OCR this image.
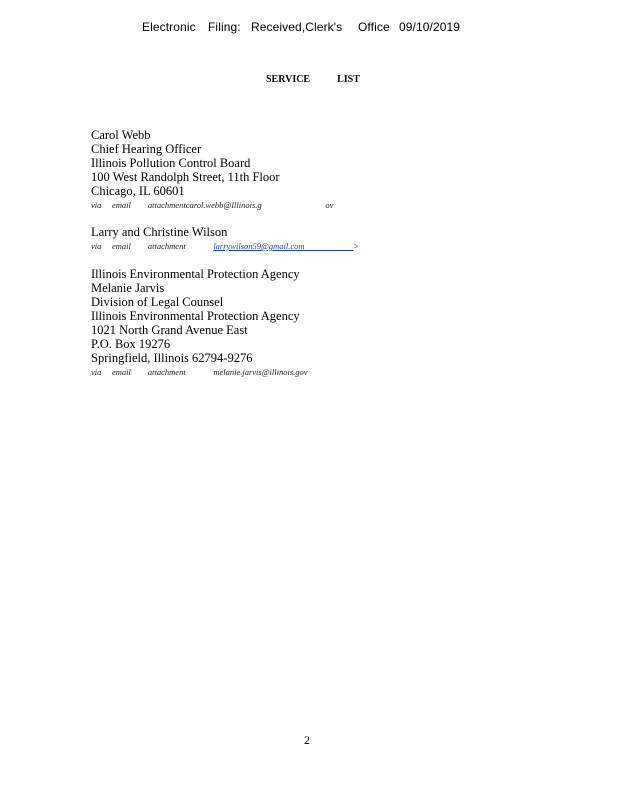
Electronic Filing: Received,Clerk's Office 09/10/2019
SERVICE	LIST
Carol Webb
Chief Hearing Officer
Illinois Pollution Control Board
100 West Randolph Street, 11th Floor
Chicago, IL 60601
via email attachmentcarol.webb@Illinois.g	ov
Larry and Christine Wilson
via email attachment	larrywilson59@gmail.com	>
Illinois Environmental Protection Agency
Melanie Jarvis
Division of Legal Counsel
Illinois Environmental Protection Agency
1021 North Grand Avenue East
P.O. Box 19276
Springfield, Illinois 62794-9276
via email attachment	melanie.jarvis@illinois.gov
2
